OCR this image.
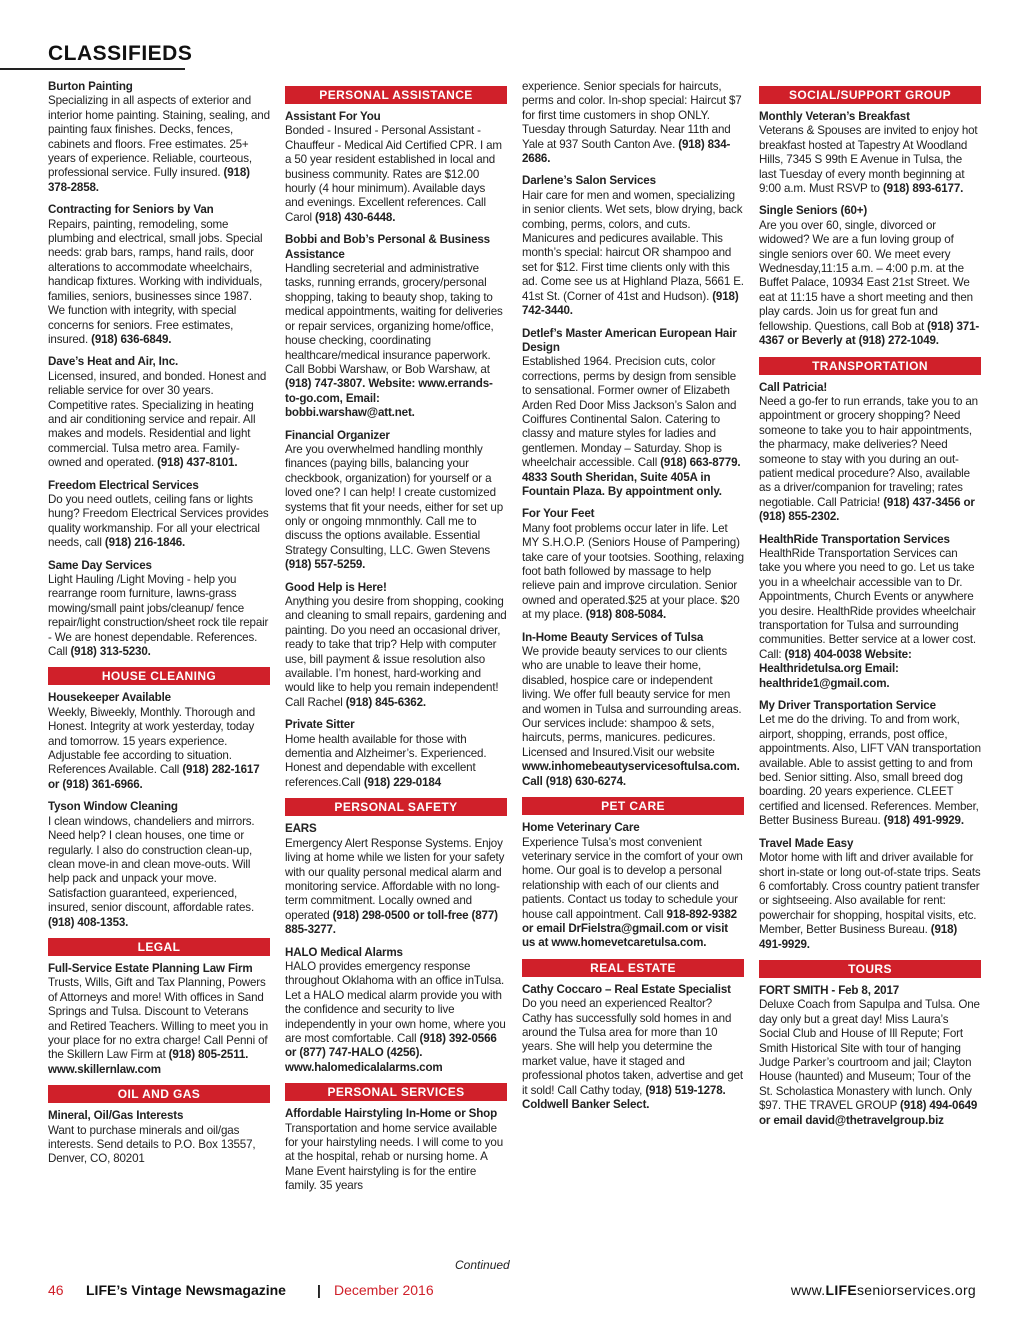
CLASSIFIEDS
Burton Painting
Specializing in all aspects of exterior and interior home painting. Staining, sealing, and painting faux finishes. Decks, fences, cabinets and floors. Free estimates. 25+ years of experience. Reliable, courteous, professional service. Fully insured. (918) 378-2858.
Contracting for Seniors by Van
Repairs, painting, remodeling, some plumbing and electrical, small jobs. Special needs: grab bars, ramps, hand rails, door alterations to accommodate wheelchairs, handicap fixtures. Working with individuals, families, seniors, businesses since 1987. We function with integrity, with special concerns for seniors. Free estimates, insured. (918) 636-6849.
Dave’s Heat and Air, Inc.
Licensed, insured, and bonded. Honest and reliable service for over 30 years. Competitive rates. Specializing in heating and air conditioning service and repair. All makes and models. Residential and light commercial. Tulsa metro area. Family-owned and operated. (918) 437-8101.
Freedom Electrical Services
Do you need outlets, ceiling fans or lights hung? Freedom Electrical Services provides quality workmanship. For all your electrical needs, call (918) 216-1846.
Same Day Services
Light Hauling /Light Moving - help you rearrange room furniture, lawns-grass mowing/small paint jobs/cleanup/ fence repair/light construction/sheet rock tile repair - We are honest dependable. References. Call (918) 313-5230.
HOUSE CLEANING
Housekeeper Available
Weekly, Biweekly, Monthly. Thorough and Honest. Integrity at work yesterday, today and tomorrow. 15 years experience. Adjustable fee according to situation. References Available. Call (918) 282-1617 or (918) 361-6966.
Tyson Window Cleaning
I clean windows, chandeliers and mirrors. Need help? I clean houses, one time or regularly. I also do construction clean-up, clean move-in and clean move-outs. Will help pack and unpack your move. Satisfaction guaranteed, experienced, insured, senior discount, affordable rates. (918) 408-1353.
LEGAL
Full-Service Estate Planning Law Firm
Trusts, Wills, Gift and Tax Planning, Powers of Attorneys and more! With offices in Sand Springs and Tulsa. Discount to Veterans and Retired Teachers. Willing to meet you in your place for no extra charge! Call Penni of the Skillern Law Firm at (918) 805-2511. www.skillernlaw.com
OIL AND GAS
Mineral, Oil/Gas Interests
Want to purchase minerals and oil/gas interests. Send details to P.O. Box 13557, Denver, CO, 80201
PERSONAL ASSISTANCE
Assistant For You
Bonded - Insured - Personal Assistant - Chauffeur - Medical Aid Certified CPR. I am a 50 year resident established in local and business community. Rates are $12.00 hourly (4 hour minimum). Available days and evenings. Excellent references. Call Carol (918) 430-6448.
Bobbi and Bob’s Personal & Business Assistance
Handling secreterial and administrative tasks, running errands, grocery/personal shopping, taking to beauty shop, taking to medical appointments, waiting for deliveries or repair services, organizing home/office, house checking, coordinating healthcare/medical insurance paperwork. Call Bobbi Warshaw, or Bob Warshaw, at (918) 747-3807. Website: www.errands-to-go.com, Email: bobbi.warshaw@att.net.
Financial Organizer
Are you overwhelmed handling monthly finances (paying bills, balancing your checkbook, organization) for yourself or a loved one? I can help! I create customized systems that fit your needs, either for set up only or ongoing mnmonthly. Call me to discuss the options available. Essential Strategy Consulting, LLC. Gwen Stevens (918) 557-5259.
Good Help is Here!
Anything you desire from shopping, cooking and cleaning to small repairs, gardening and painting. Do you need an occasional driver, ready to take that trip? Help with computer use, bill payment & issue resolution also available. I’m honest, hard-working and would like to help you remain independent! Call Rachel (918) 845-6362.
Private Sitter
Home health available for those with dementia and Alzheimer’s. Experienced. Honest and dependable with excellent references.Call (918) 229-0184
PERSONAL SAFETY
EARS
Emergency Alert Response Systems. Enjoy living at home while we listen for your safety with our quality personal medical alarm and monitoring service. Affordable with no long-term commitment. Locally owned and operated (918) 298-0500 or toll-free (877) 885-3277.
HALO Medical Alarms
HALO provides emergency response throughout Oklahoma with an office inTulsa. Let a HALO medical alarm provide you with the confidence and security to live independently in your own home, where you are most comfortable. Call (918) 392-0566 or (877) 747-HALO (4256). www.halomedicalalarms.com
PERSONAL SERVICES
Affordable Hairstyling In-Home or Shop
Transportation and home service available for your hairstyling needs. I will come to you at the hospital, rehab or nursing home. A Mane Event hairstyling is for the entire family. 35 years
experience. Senior specials for haircuts, perms and color. In-shop special: Haircut $7 for first time customers in shop ONLY. Tuesday through Saturday. Near 11th and Yale at 937 South Canton Ave. (918) 834-2686.
Darlene’s Salon Services
Hair care for men and women, specializing in senior clients. Wet sets, blow drying, back combing, perms, colors, and cuts. Manicures and pedicures available. This month’s special: haircut OR shampoo and set for $12. First time clients only with this ad. Come see us at Highland Plaza, 5661 E. 41st St. (Corner of 41st and Hudson). (918) 742-3440.
Detlef’s Master American European Hair Design
Established 1964. Precision cuts, color corrections, perms by design from sensible to sensational. Former owner of Elizabeth Arden Red Door Miss Jackson’s Salon and Coiffures Continental Salon. Catering to classy and mature styles for ladies and gentlemen. Monday – Saturday. Shop is wheelchair accessible. Call (918) 663-8779. 4833 South Sheridan, Suite 405A in Fountain Plaza. By appointment only.
For Your Feet
Many foot problems occur later in life. Let MY S.H.O.P. (Seniors House of Pampering) take care of your tootsies. Soothing, relaxing foot bath followed by massage to help relieve pain and improve circulation. Senior owned and operated.$25 at your place. $20 at my place. (918) 808-5084.
In-Home Beauty Services of Tulsa
We provide beauty services to our clients who are unable to leave their home, disabled, hospice care or independent living. We offer full beauty service for men and women in Tulsa and surrounding areas. Our services include: shampoo & sets, haircuts, perms, manicures. pedicures. Licensed and Insured.Visit our website www.inhomebeautyservicesoftulsa.com. Call (918) 630-6274.
PET CARE
Home Veterinary Care
Experience Tulsa’s most convenient veterinary service in the comfort of your own home. Our goal is to develop a personal relationship with each of our clients and patients. Contact us today to schedule your house call appointment. Call 918-892-9382 or email DrFielstra@gmail.com or visit us at www.homevetcaretulsa.com.
REAL ESTATE
Cathy Coccaro – Real Estate Specialist
Do you need an experienced Realtor? Cathy has successfully sold homes in and around the Tulsa area for more than 10 years. She will help you determine the market value, have it staged and professional photos taken, advertise and get it sold! Call Cathy today, (918) 519-1278. Coldwell Banker Select.
SOCIAL/SUPPORT GROUP
Monthly Veteran’s Breakfast
Veterans & Spouses are invited to enjoy hot breakfast hosted at Tapestry At Woodland Hills, 7345 S 99th E Avenue in Tulsa, the last Tuesday of every month beginning at 9:00 a.m. Must RSVP to (918) 893-6177.
Single Seniors (60+)
Are you over 60, single, divorced or widowed? We are a fun loving group of single seniors over 60. We meet every Wednesday,11:15 a.m. – 4:00 p.m. at the Buffet Palace, 10934 East 21st Street. We eat at 11:15 have a short meeting and then play cards. Join us for great fun and fellowship. Questions, call Bob at (918) 371-4367 or Beverly at (918) 272-1049.
TRANSPORTATION
Call Patricia!
Need a go-fer to run errands, take you to an appointment or grocery shopping? Need someone to take you to hair appointments, the pharmacy, make deliveries? Need someone to stay with you during an out-patient medical procedure? Also, available as a driver/companion for traveling; rates negotiable. Call Patricia! (918) 437-3456 or (918) 855-2302.
HealthRide Transportation Services
HealthRide Transportation Services can take you where you need to go. Let us take you in a wheelchair accessible van to Dr. Appointments, Church Events or anywhere you desire. HealthRide provides wheelchair transportation for Tulsa and surrounding communities. Better service at a lower cost. Call: (918) 404-0038 Website: Healthridetulsa.org Email: healthride1@gmail.com.
My Driver Transportation Service
Let me do the driving. To and from work, airport, shopping, errands, post office, appointments. Also, LIFT VAN transportation available. Able to assist getting to and from bed. Senior sitting. Also, small breed dog boarding. 20 years experience. CLEET certified and licensed. References. Member, Better Business Bureau. (918) 491-9929.
Travel Made Easy
Motor home with lift and driver available for short in-state or long out-of-state trips. Seats 6 comfortably. Cross country patient transfer or sightseeing. Also available for rent: powerchair for shopping, hospital visits, etc. Member, Better Business Bureau. (918) 491-9929.
TOURS
FORT SMITH - Feb 8, 2017
Deluxe Coach from Sapulpa and Tulsa. One day only but a great day! Miss Laura’s Social Club and House of Ill Repute; Fort Smith Historical Site with tour of hanging Judge Parker’s courtroom and jail; Clayton House (haunted) and Museum; Tour of the St. Scholastica Monastery with lunch. Only $97. THE TRAVEL GROUP (918) 494-0649 or email david@thetravelgroup.biz
Continued
46 LIFE’s Vintage Newsmagazine | December 2016	www.LIFEseniorservices.org
